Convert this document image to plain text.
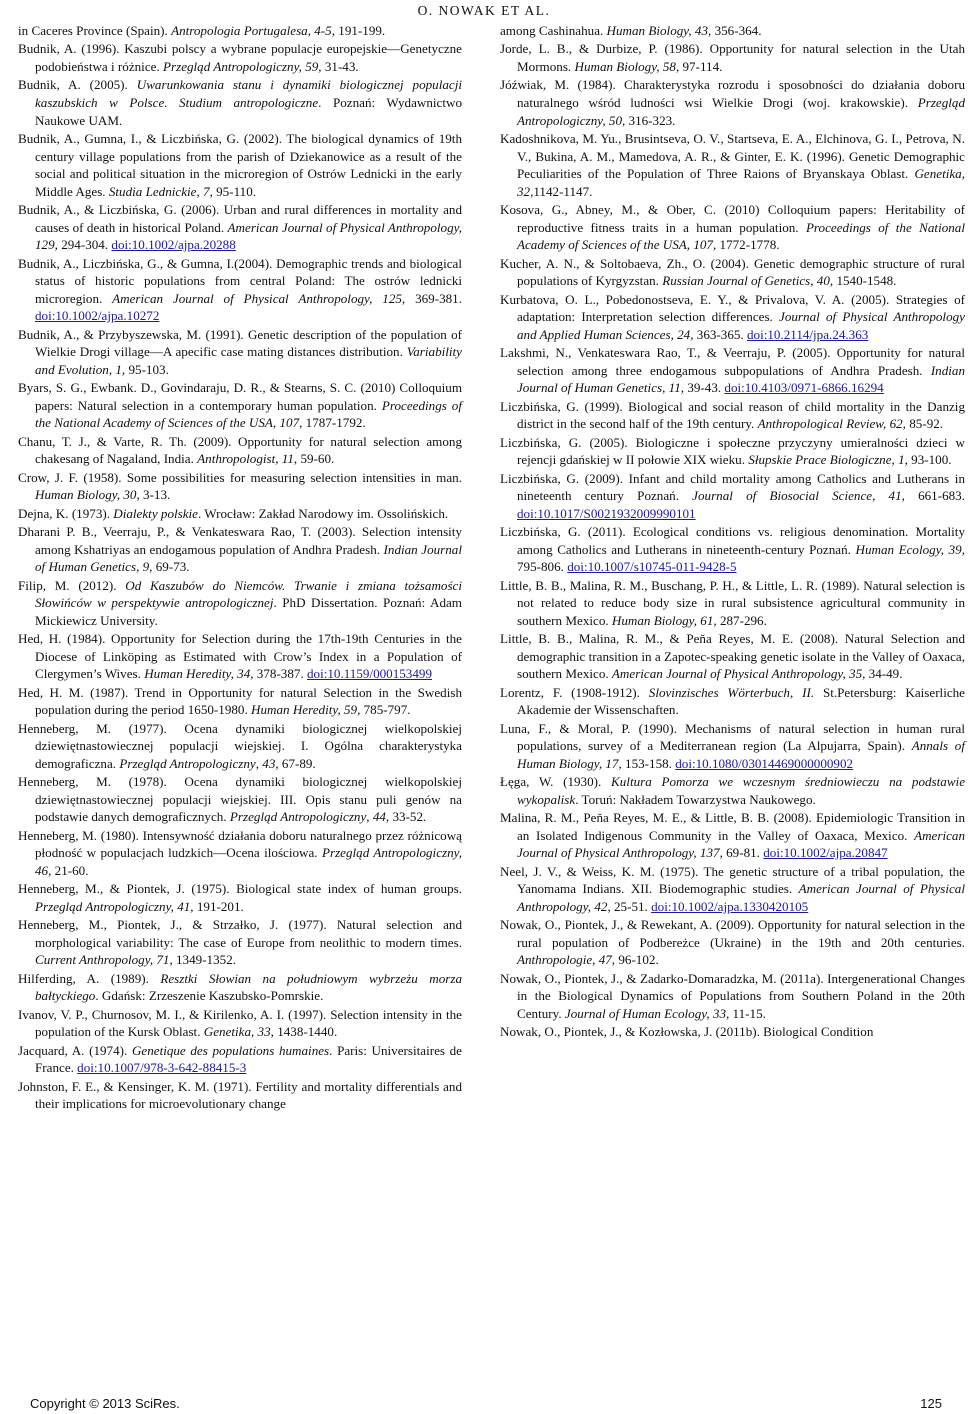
O. NOWAK ET AL.

in Caceres Province (Spain). Antropologia Portugalesa, 4-5, 191-199.

Budnik, A. (1996). Kaszubi polscy a wybrane populacje europejskie—Genetyczne podobieństwa i różnice. Przegląd Antropologiczny, 59, 31-43.

Budnik, A. (2005). Uwarunkowania stanu i dynamiki biologicznej populacji kaszubskich w Polsce. Studium antropologiczne. Poznań: Wydawnictwo Naukowe UAM.

Budnik, A., Gumna, I., & Liczbińska, G. (2002). The biological dynamics of 19th century village populations from the parish of Dziekanowice as a result of the social and political situation in the microregion of Ostrów Lednicki in the early Middle Ages. Studia Lednickie, 7, 95-110.

Budnik, A., & Liczbińska, G. (2006). Urban and rural differences in mortality and causes of death in historical Poland. American Journal of Physical Anthropology, 129, 294-304. doi:10.1002/ajpa.20288

Budnik, A., Liczbińska, G., & Gumna, I.(2004). Demographic trends and biological status of historic populations from central Poland: The ostrów lednicki microregion. American Journal of Physical Anthropology, 125, 369-381. doi:10.1002/ajpa.10272

Budnik, A., & Przybyszewska, M. (1991). Genetic description of the population of Wielkie Drogi village—A apecific case mating distances distribution. Variability and Evolution, 1, 95-103.

Byars, S. G., Ewbank. D., Govindaraju, D. R., & Stearns, S. C. (2010) Colloquium papers: Natural selection in a contemporary human population. Proceedings of the National Academy of Sciences of the USA, 107, 1787-1792.

Chanu, T. J., & Varte, R. Th. (2009). Opportunity for natural selection among chakesang of Nagaland, India. Anthropologist, 11, 59-60.

Crow, J. F. (1958). Some possibilities for measuring selection intensities in man. Human Biology, 30, 3-13.

Dejna, K. (1973). Dialekty polskie. Wrocław: Zakład Narodowy im. Ossolińskich.

Dharani P. B., Veerraju, P., & Venkateswara Rao, T. (2003). Selection intensity among Kshatriyas an endogamous population of Andhra Pradesh. Indian Journal of Human Genetics, 9, 69-73.

Filip, M. (2012). Od Kaszubów do Niemców. Trwanie i zmiana tożsamości Słowińców w perspektywie antropologicznej. PhD Dissertation. Poznań: Adam Mickiewicz University.

Hed, H. (1984). Opportunity for Selection during the 17th-19th Centuries in the Diocese of Linköping as Estimated with Crow’s Index in a Population of Clergymen’s Wives. Human Heredity, 34, 378-387. doi:10.1159/000153499

Hed, H. M. (1987). Trend in Opportunity for natural Selection in the Swedish population during the period 1650-1980. Human Heredity, 59, 785-797.

Henneberg, M. (1977). Ocena dynamiki biologicznej wielkopolskiej dziewiętnastowiecznej populacji wiejskiej. I. Ogólna charakterystyka demograficzna. Przegląd Antropologiczny, 43, 67-89.

Henneberg, M. (1978). Ocena dynamiki biologicznej wielkopolskiej dziewiętnastowiecznej populacji wiejskiej. III. Opis stanu puli genów na podstawie danych demograficznych. Przegląd Antropologiczny, 44, 33-52.

Henneberg, M. (1980). Intensywność działania doboru naturalnego przez różnicową płodność w populacjach ludzkich—Ocena ilościowa. Przegląd Antropologiczny, 46, 21-60.

Henneberg, M., & Piontek, J. (1975). Biological state index of human groups. Przegląd Antropologiczny, 41, 191-201.

Henneberg, M., Piontek, J., & Strzałko, J. (1977). Natural selection and morphological variability: The case of Europe from neolithic to modern times. Current Anthropology, 71, 1349-1352.

Hilferding, A. (1989). Resztki Słowian na południowym wybrzeżu morza bałtyckiego. Gdańsk: Zrzeszenie Kaszubsko-Pomrskie.

Ivanov, V. P., Churnosov, M. I., & Kirilenko, A. I. (1997). Selection intensity in the population of the Kursk Oblast. Genetika, 33, 1438-1440.

Jacquard, A. (1974). Genetique des populations humaines. Paris: Universitaires de France. doi:10.1007/978-3-642-88415-3

Johnston, F. E., & Kensinger, K. M. (1971). Fertility and mortality differentials and their implications for microevolutionary change

among Cashinahua. Human Biology, 43, 356-364.

Jorde, L. B., & Durbize, P. (1986). Opportunity for natural selection in the Utah Mormons. Human Biology, 58, 97-114.

Jóźwiak, M. (1984). Charakterystyka rozrodu i sposobności do działania doboru naturalnego wśród ludności wsi Wielkie Drogi (woj. krakowskie). Przegląd Antropologiczny, 50, 316-323.

Kadoshnikova, M. Yu., Brusintseva, O. V., Startseva, E. A., Elchinova, G. I., Petrova, N. V., Bukina, A. M., Mamedova, A. R., & Ginter, E. K. (1996). Genetic Demographic Peculiarities of the Population of Three Raions of Bryanskaya Oblast. Genetika, 32,1142-1147.

Kosova, G., Abney, M., & Ober, C. (2010) Colloquium papers: Heritability of reproductive fitness traits in a human population. Proceedings of the National Academy of Sciences of the USA, 107, 1772-1778.

Kucher, A. N., & Soltobaeva, Zh., O. (2004). Genetic demographic structure of rural populations of Kyrgyzstan. Russian Journal of Genetics, 40, 1540-1548.

Kurbatova, O. L., Pobedonostseva, E. Y., & Privalova, V. A. (2005). Strategies of adaptation: Interpretation selection differences. Journal of Physical Anthropology and Applied Human Sciences, 24, 363-365. doi:10.2114/jpa.24.363

Lakshmi, N., Venkateswara Rao, T., & Veerraju, P. (2005). Opportunity for natural selection among three endogamous subpopulations of Andhra Pradesh. Indian Journal of Human Genetics, 11, 39-43. doi:10.4103/0971-6866.16294

Liczbińska, G. (1999). Biological and social reason of child mortality in the Danzig district in the second half of the 19th century. Anthropological Review, 62, 85-92.

Liczbińska, G. (2005). Biologiczne i społeczne przyczyny umieralności dzieci w rejencji gdańskiej w II połowie XIX wieku. Słupskie Prace Biologiczne, 1, 93-100.

Liczbińska, G. (2009). Infant and child mortality among Catholics and Lutherans in nineteenth century Poznań. Journal of Biosocial Science, 41, 661-683. doi:10.1017/S0021932009990101

Liczbińska, G. (2011). Ecological conditions vs. religious denomination. Mortality among Catholics and Lutherans in nineteenth-century Poznań. Human Ecology, 39, 795-806. doi:10.1007/s10745-011-9428-5

Little, B. B., Malina, R. M., Buschang, P. H., & Little, L. R. (1989). Natural selection is not related to reduce body size in rural subsistence agricultural community in southern Mexico. Human Biology, 61, 287-296.

Little, B. B., Malina, R. M., & Peňa Reyes, M. E. (2008). Natural Selection and demographic transition in a Zapotec-speaking genetic isolate in the Valley of Oaxaca, southern Mexico. American Journal of Physical Anthropology, 35, 34-49.

Lorentz, F. (1908-1912). Slovinzisches Wörterbuch, II. St.Petersburg: Kaiserliche Akademie der Wissenschaften.

Luna, F., & Moral, P. (1990). Mechanisms of natural selection in human rural populations, survey of a Mediterranean region (La Alpujarra, Spain). Annals of Human Biology, 17, 153-158. doi:10.1080/03014469000000902

Łęga, W. (1930). Kultura Pomorza we wczesnym średniowieczu na podstawie wykopalisk. Toruń: Nakładem Towarzystwa Naukowego.

Malina, R. M., Peňa Reyes, M. E., & Little, B. B. (2008). Epidemiologic Transition in an Isolated Indigenous Community in the Valley of Oaxaca, Mexico. American Journal of Physical Anthropology, 137, 69-81. doi:10.1002/ajpa.20847

Neel, J. V., & Weiss, K. M. (1975). The genetic structure of a tribal population, the Yanomama Indians. XII. Biodemographic studies. American Journal of Physical Anthropology, 42, 25-51. doi:10.1002/ajpa.1330420105

Nowak, O., Piontek, J., & Rewekant, A. (2009). Opportunity for natural selection in the rural population of Podbereżce (Ukraine) in the 19th and 20th centuries. Anthropologie, 47, 96-102.

Nowak, O., Piontek, J., & Zadarko-Domaradzka, M. (2011a). Intergenerational Changes in the Biological Dynamics of Populations from Southern Poland in the 20th Century. Journal of Human Ecology, 33, 11-15.

Nowak, O., Piontek, J., & Kozłowska, J. (2011b). Biological Condition

Copyright © 2013 SciRes.	125
